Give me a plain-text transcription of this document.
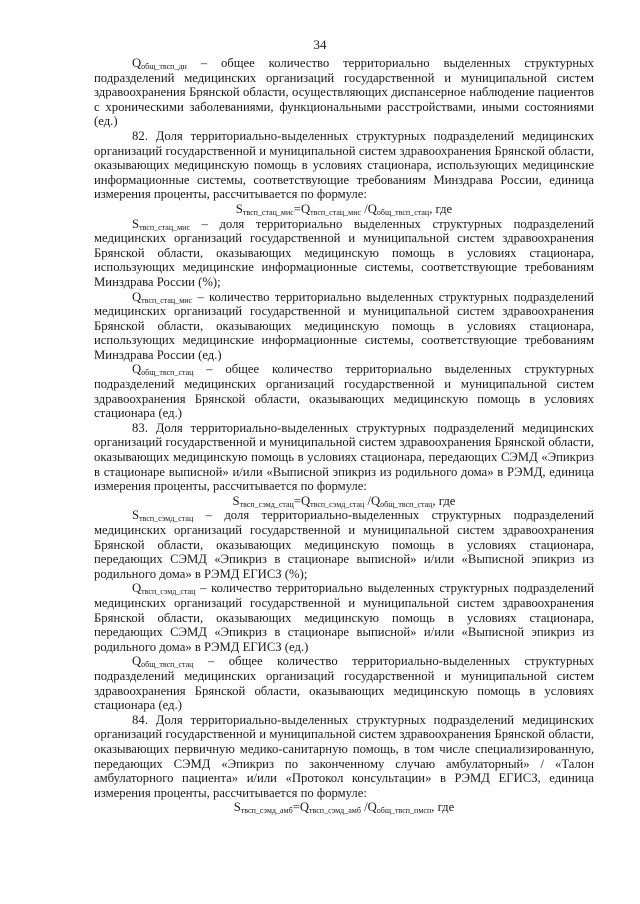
34

$Q_{общ\_твсп\_дн}$ – общее количество территориально выделенных структурных подразделений медицинских организаций государственной и муниципальной систем здравоохранения Брянской области, осуществляющих диспансерное наблюдение пациентов с хроническими заболеваниями, функциональными расстройствами, иными состояниями (ед.)

82. Доля территориально-выделенных структурных подразделений медицинских организаций государственной и муниципальной систем здравоохранения Брянской области, оказывающих медицинскую помощь в условиях стационара, использующих медицинские информационные системы, соответствующие требованиям Минздрава России, единица измерения проценты, рассчитывается по формуле:

$S_{твсп\_стац\_мис}=Q_{твсп\_стац\_мис}$ $/Q_{общ\_твсп\_стац}$, где

$S_{твсп\_стац\_мис}$ – доля территориально выделенных структурных подразделений медицинских организаций государственной и муниципальной систем здравоохранения Брянской области, оказывающих медицинскую помощь в условиях стационара, использующих медицинские информационные системы, соответствующие требованиям Минздрава России (%);

$Q_{твсп\_стац\_мис}$ – количество территориально выделенных структурных подразделений медицинских организаций государственной и муниципальной систем здравоохранения Брянской области, оказывающих медицинскую помощь в условиях стационара, использующих медицинские информационные системы, соответствующие требованиям Минздрава России (ед.)

$Q_{общ\_твсп\_стац}$ – общее количество территориально выделенных структурных подразделений медицинских организаций государственной и муниципальной систем здравоохранения Брянской области, оказывающих медицинскую помощь в условиях стационара (ед.)

83. Доля территориально-выделенных структурных подразделений медицинских организаций государственной и муниципальной систем здравоохранения Брянской области, оказывающих медицинскую помощь в условиях стационара, передающих СЭМД «Эпикриз в стационаре выписной» и/или «Выписной эпикриз из родильного дома» в РЭМД, единица измерения проценты, рассчитывается по формуле:

$S_{твсп\_сэмд\_стац}=Q_{твсп\_сэмд\_стац}$ $/Q_{общ\_твсп\_стац}$, где

$S_{твсп\_сэмд\_стац}$ – доля территориально-выделенных структурных подразделений медицинских организаций государственной и муниципальной систем здравоохранения Брянской области, оказывающих медицинскую помощь в условиях стационара, передающих СЭМД «Эпикриз в стационаре выписной» и/или «Выписной эпикриз из родильного дома» в РЭМД ЕГИСЗ (%);

$Q_{твсп\_сэмд\_стац}$ – количество территориально выделенных структурных подразделений медицинских организаций государственной и муниципальной систем здравоохранения Брянской области, оказывающих медицинскую помощь в условиях стационара, передающих СЭМД «Эпикриз в стационаре выписной» и/или «Выписной эпикриз из родильного дома» в РЭМД ЕГИСЗ (ед.)

$Q_{общ\_твсп\_стац}$ – общее количество территориально-выделенных структурных подразделений медицинских организаций государственной и муниципальной систем здравоохранения Брянской области, оказывающих медицинскую помощь в условиях стационара (ед.)

84. Доля территориально-выделенных структурных подразделений медицинских организаций государственной и муниципальной систем здравоохранения Брянской области, оказывающих первичную медико-санитарную помощь, в том числе специализированную, передающих СЭМД «Эпикриз по законченному случаю амбулаторный» / «Талон амбулаторного пациента» и/или «Протокол консультации» в РЭМД ЕГИСЗ, единица измерения проценты, рассчитывается по формуле:

$S_{твсп\_сэмд\_амб}=Q_{твсп\_сэмд\_амб}$ $/Q_{общ\_твсп\_пмсп}$, где
